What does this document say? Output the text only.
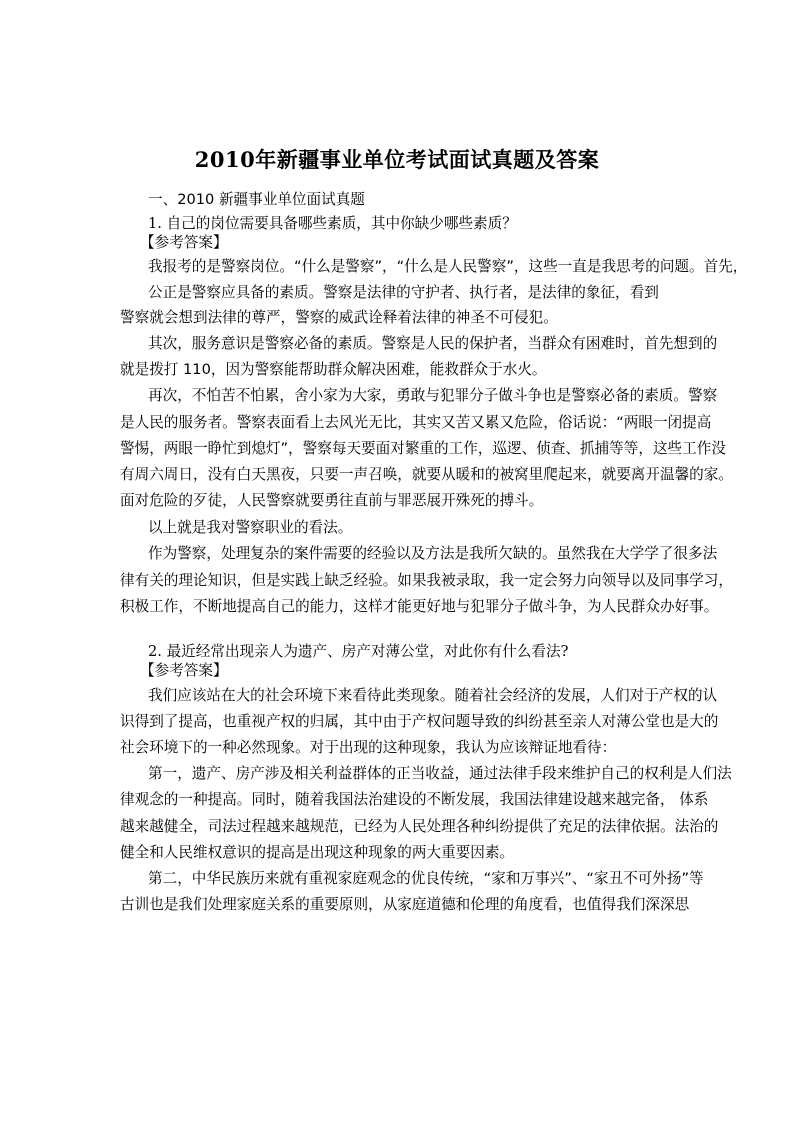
2010年新疆事业单位考试面试真题及答案
一、2010 新疆事业单位面试真题
1. 自己的岗位需要具备哪些素质，其中你缺少哪些素质？
【参考答案】
我报考的是警察岗位。“什么是警察”，“什么是人民警察”，这些一直是我思考的问题。首先，
公正是警察应具备的素质。警察是法律的守护者、执行者，是法律的象征，看到
警察就会想到法律的尊严，警察的威武诠释着法律的神圣不可侵犯。
其次，服务意识是警察必备的素质。警察是人民的保护者，当群众有困难时，首先想到的
就是拨打 110，因为警察能帮助群众解决困难，能救群众于水火。
再次，不怕苦不怕累，舍小家为大家，勇敢与犯罪分子做斗争也是警察必备的素质。警察
是人民的服务者。警察表面看上去风光无比，其实又苦又累又危险，俗话说：“两眼一闭提高
警惕，两眼一睁忙到熄灯”，警察每天要面对繁重的工作，巡逻、侦查、抓捕等等，这些工作没
有周六周日，没有白天黑夜，只要一声召唤，就要从暖和的被窝里爬起来，就要离开温馨的家。
面对危险的歹徒，人民警察就要勇往直前与罪恶展开殊死的搏斗。
以上就是我对警察职业的看法。
作为警察，处理复杂的案件需要的经验以及方法是我所欠缺的。虽然我在大学学了很多法
律有关的理论知识，但是实践上缺乏经验。如果我被录取，我一定会努力向领导以及同事学习，
积极工作，不断地提高自己的能力，这样才能更好地与犯罪分子做斗争，为人民群众办好事。
2. 最近经常出现亲人为遗产、房产对薄公堂，对此你有什么看法?
【参考答案】
我们应该站在大的社会环境下来看待此类现象。随着社会经济的发展，人们对于产权的认
识得到了提高，也重视产权的归属，其中由于产权问题导致的纠纷甚至亲人对薄公堂也是大的
社会环境下的一种必然现象。对于出现的这种现象，我认为应该辩证地看待：
第一，遗产、房产涉及相关利益群体的正当收益，通过法律手段来维护自己的权利是人们法
律观念的一种提高。同时，随着我国法治建设的不断发展，我国法律建设越来越完备， 体系
越来越健全，司法过程越来越规范，已经为人民处理各种纠纷提供了充足的法律依据。法治的
健全和人民维权意识的提高是出现这种现象的两大重要因素。
第二，中华民族历来就有重视家庭观念的优良传统，“家和万事兴”、“家丑不可外扬”等
古训也是我们处理家庭关系的重要原则，从家庭道德和伦理的角度看，也值得我们深深思
